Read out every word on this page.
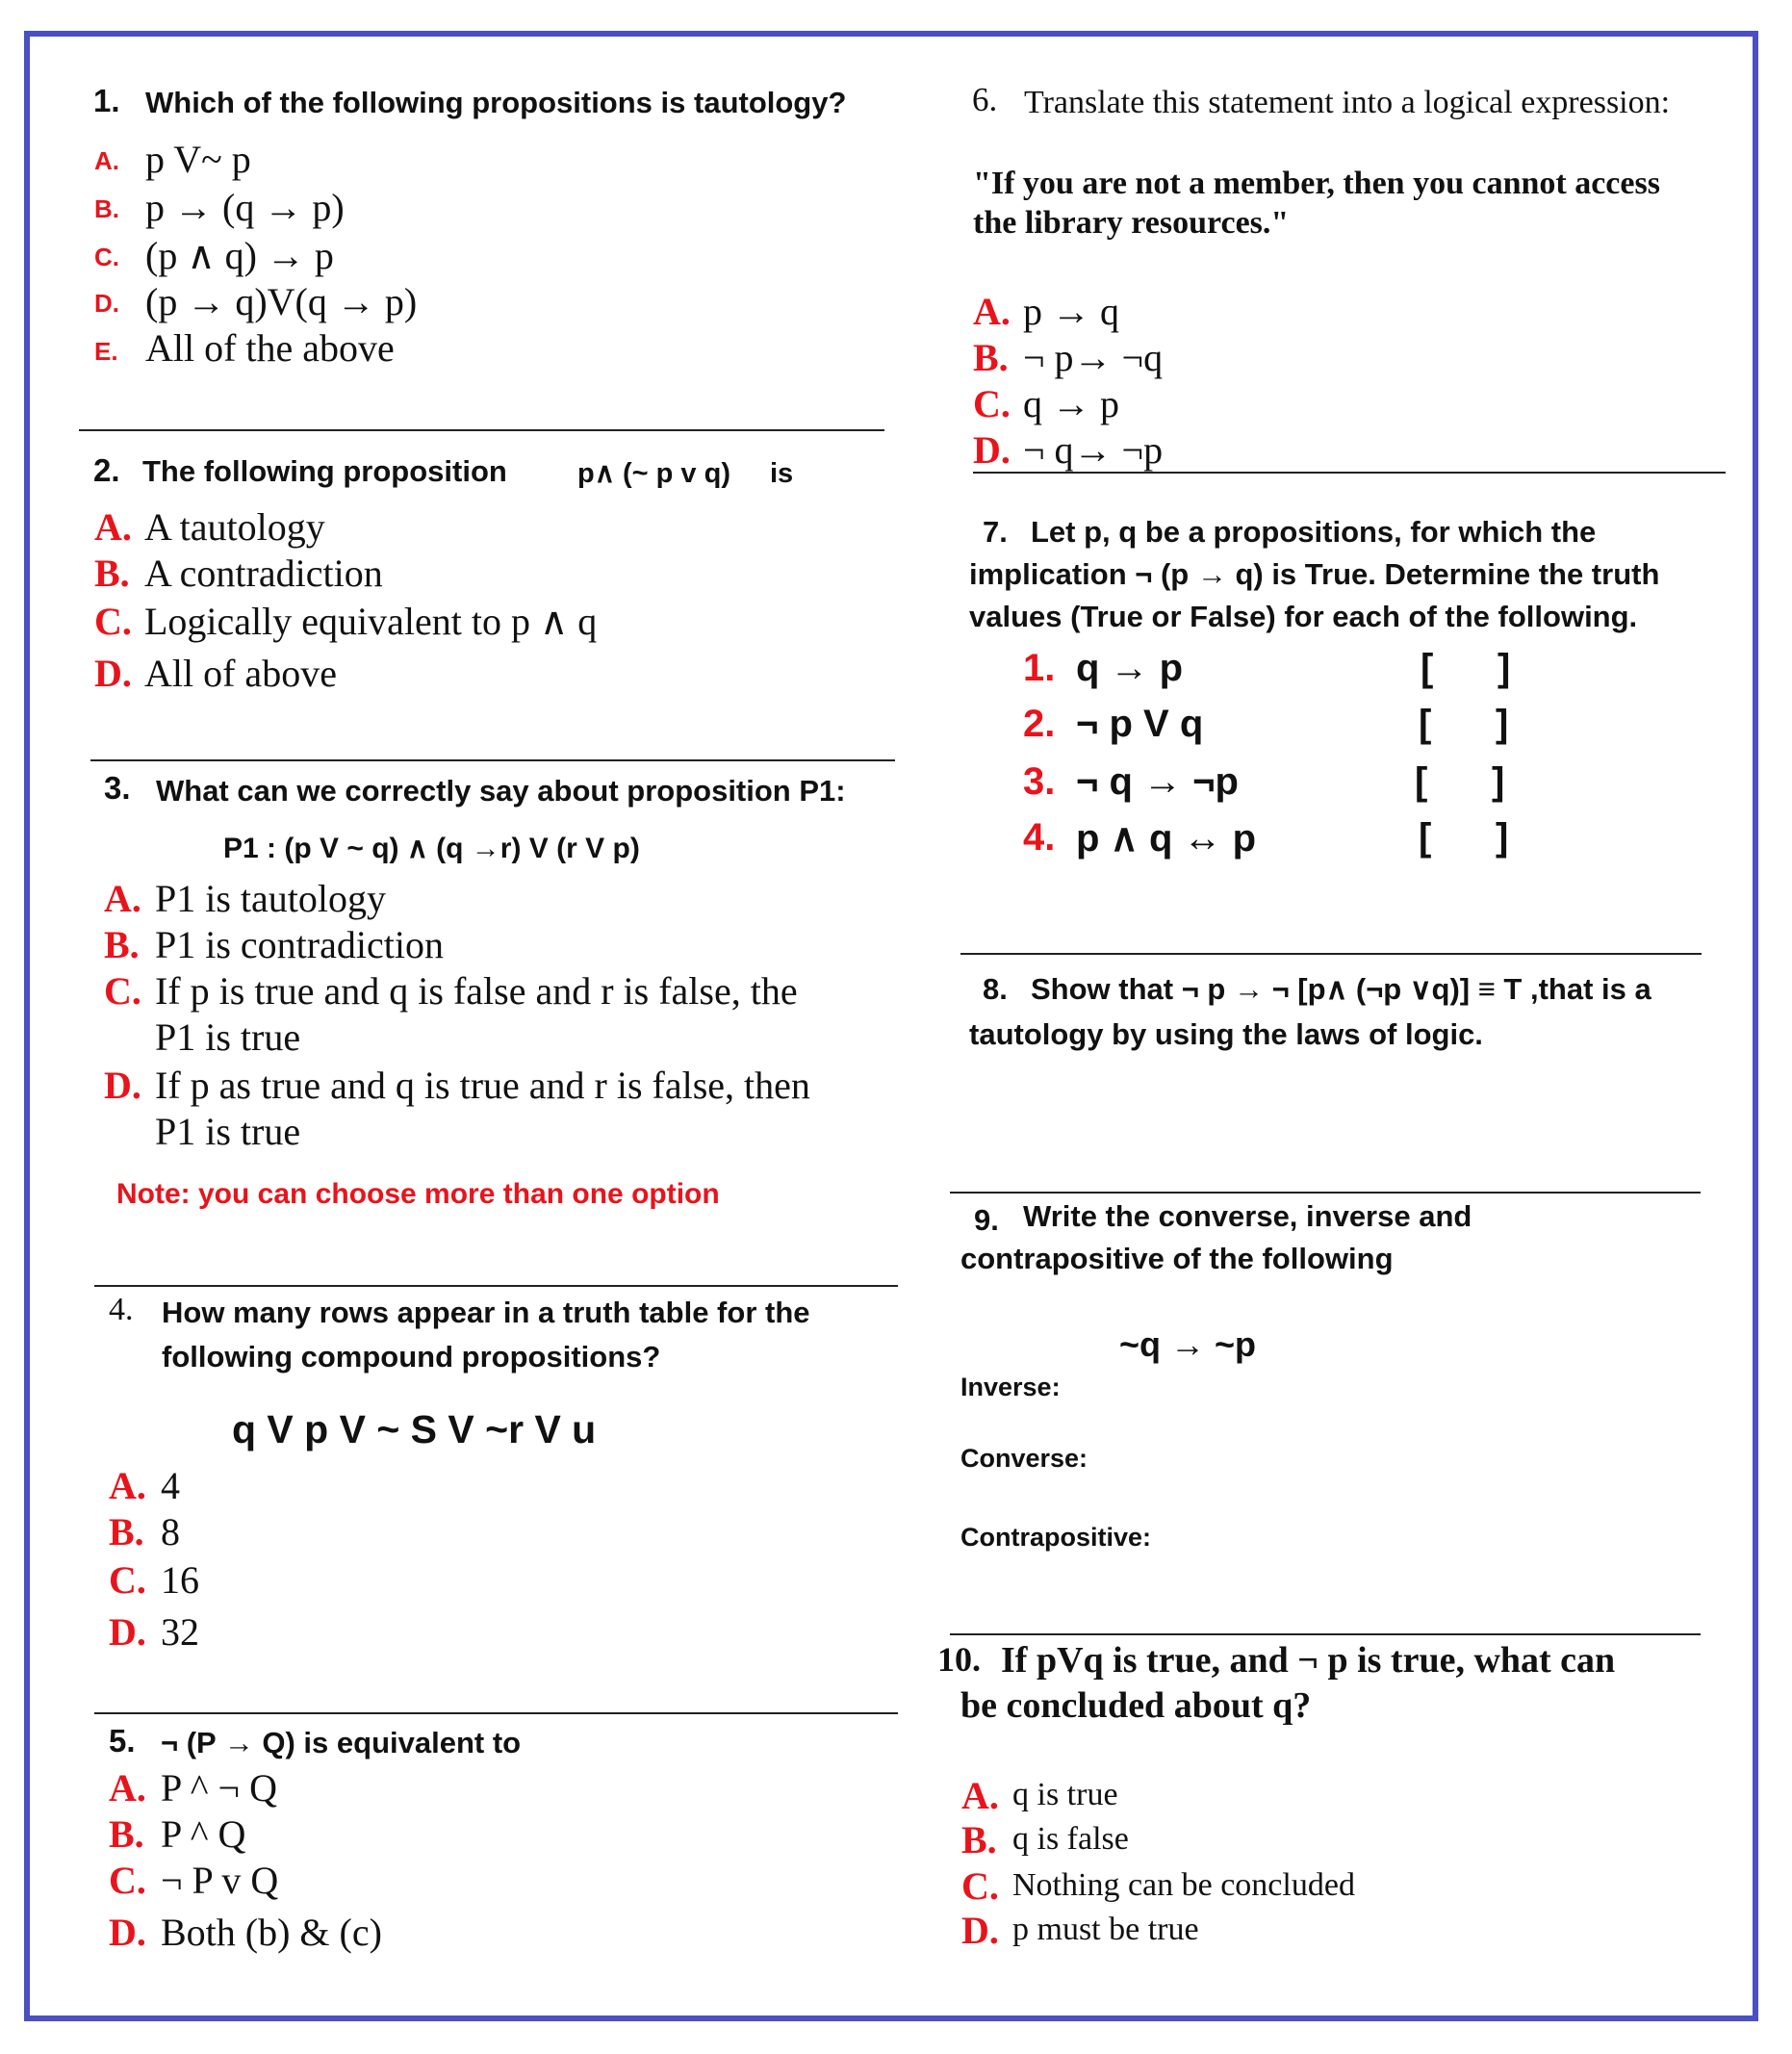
1. Which of the following propositions is tautology?
A. p V~ p
B. p → (q → p)
C. (p ∧ q) → p
D. (p → q)V(q → p)
E. All of the above
2. The following proposition	p∧ (~ p v q) is
A. A tautology
B. A contradiction
C. Logically equivalent to p ∧ q
D. All of above
3. What can we correctly say about proposition P1:
P1 : (p V ~ q) ∧ (q →r) V (r V p)
A. P1 is tautology
B. P1 is contradiction
C. If p is true and q is false and r is false, the
P1 is true
D. If p as true and q is true and r is false, then
P1 is true
Note: you can choose more than one option
4. How many rows appear in a truth table for the
following compound propositions?
q V p V ~ S V ~r V u
A. 4
B. 8
C. 16
D. 32
5. ¬ (P → Q) is equivalent to
A. P ^ ¬ Q
B. P ^ Q
C. ¬ P v Q
D. Both (b) & (c)
6. Translate this statement into a logical expression:
"If you are not a member, then you cannot access
the library resources."
A. p → q
B. ¬ p→ ¬q
C. q → p
D. ¬ q→ ¬p
7. Let p, q be a propositions, for which the
implication ¬ (p → q) is True. Determine the truth
values (True or False) for each of the following.
1. q → p	[      ]
2. ¬ p V q	[      ]
3. ¬ q → ¬p	[      ]
4. p ∧ q ↔ p	[      ]
8. Show that ¬ p → ¬ [p∧ (¬p ∨q)] ≡ T ,that is a
tautology by using the laws of logic.
9. Write the converse, inverse and
contrapositive of the following
~q → ~p
Inverse:
Converse:
Contrapositive:
10. If pVq is true, and ¬ p is true, what can
be concluded about q?
A. q is true
B. q is false
C. Nothing can be concluded
D. p must be true
